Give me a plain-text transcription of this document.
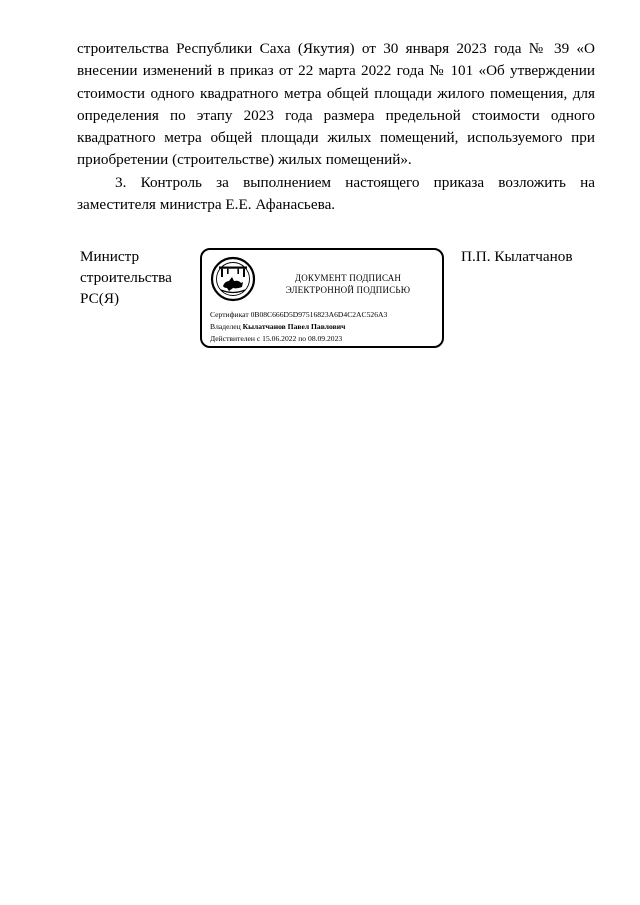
строительства Республики Саха (Якутия) от 30 января 2023 года № 39 «О внесении изменений в приказ от 22 марта 2022 года № 101 «Об утверждении стоимости одного квадратного метра общей площади жилого помещения, для определения по этапу 2023 года размера предельной стоимости одного квадратного метра общей площади жилых помещений, используемого при приобретении (строительстве) жилых помещений».

3. Контроль за выполнением настоящего приказа возложить на заместителя министра Е.Е. Афанасьева.

Министр
строительства
РС(Я)
ДОКУМЕНТ ПОДПИСАН
ЭЛЕКТРОННОЙ ПОДПИСЬЮ
Сертификат 0B08C666D5D97516823A6D4C2AC526A3
Владелец Кылатчанов Павел Павлович
Действителен с 15.06.2022 по 08.09.2023
П.П. Кылатчанов
